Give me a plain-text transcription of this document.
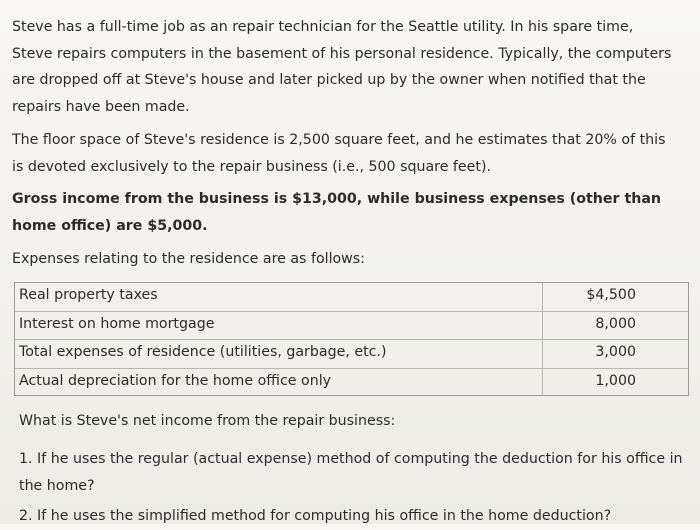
Steve has a full-time job as an repair technician for the Seattle utility. In his spare time, Steve repairs computers in the basement of his personal residence. Typically, the computers are dropped off at Steve's house and later picked up by the owner when notified that the repairs have been made.

The floor space of Steve's residence is 2,500 square feet, and he estimates that 20% of this is devoted exclusively to the repair business (i.e., 500 square feet).

Gross income from the business is $13,000, while business expenses (other than home office) are $5,000.

Expenses relating to the residence are as follows:

Real property taxes	$4,500
Interest on home mortgage	8,000
Total expenses of residence (utilities, garbage, etc.)	3,000
Actual depreciation for the home office only	1,000

What is Steve's net income from the repair business:

1. If he uses the regular (actual expense) method of computing the deduction for his office in the home?

2. If he uses the simplified method for computing his office in the home deduction?
